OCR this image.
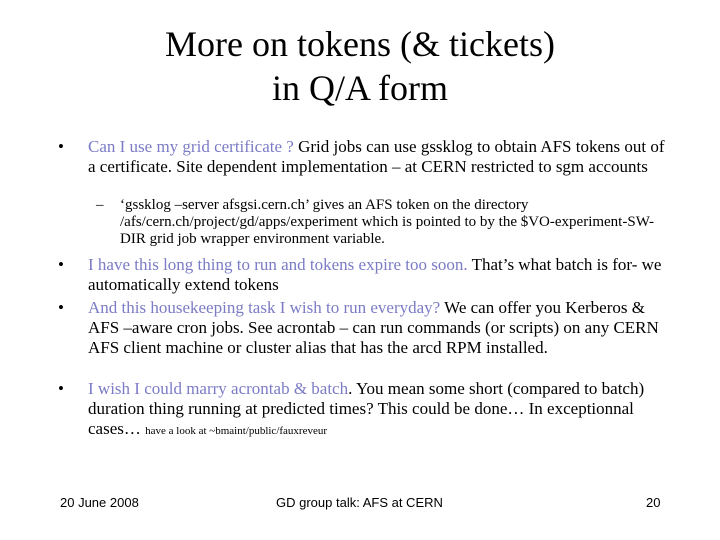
More on tokens (& tickets)
in Q/A form
•	Can I use my grid certificate ? Grid jobs can use gssklog to obtain AFS tokens out of a certificate. Site dependent implementation – at CERN restricted to sgm accounts
– ‘gssklog –server afsgsi.cern.ch’ gives an AFS token on the directory /afs/cern.ch/project/gd/apps/experiment which is pointed to by the $VO-experiment-SW-DIR grid job wrapper environment variable.
•	I have this long thing to run and tokens expire too soon. That’s what batch is for- we automatically extend tokens
•	And this housekeeping task I wish to run everyday? We can offer you Kerberos & AFS –aware cron jobs. See acrontab – can run commands (or scripts) on any CERN AFS client machine or cluster alias that has the arcd RPM installed.
•	I wish I could marry acrontab & batch. You mean some short (compared to batch) duration thing running at predicted times? This could be done… In exceptionnal cases… have a look at ~bmaint/public/fauxreveur
20 June 2008	GD group talk: AFS at CERN	20
